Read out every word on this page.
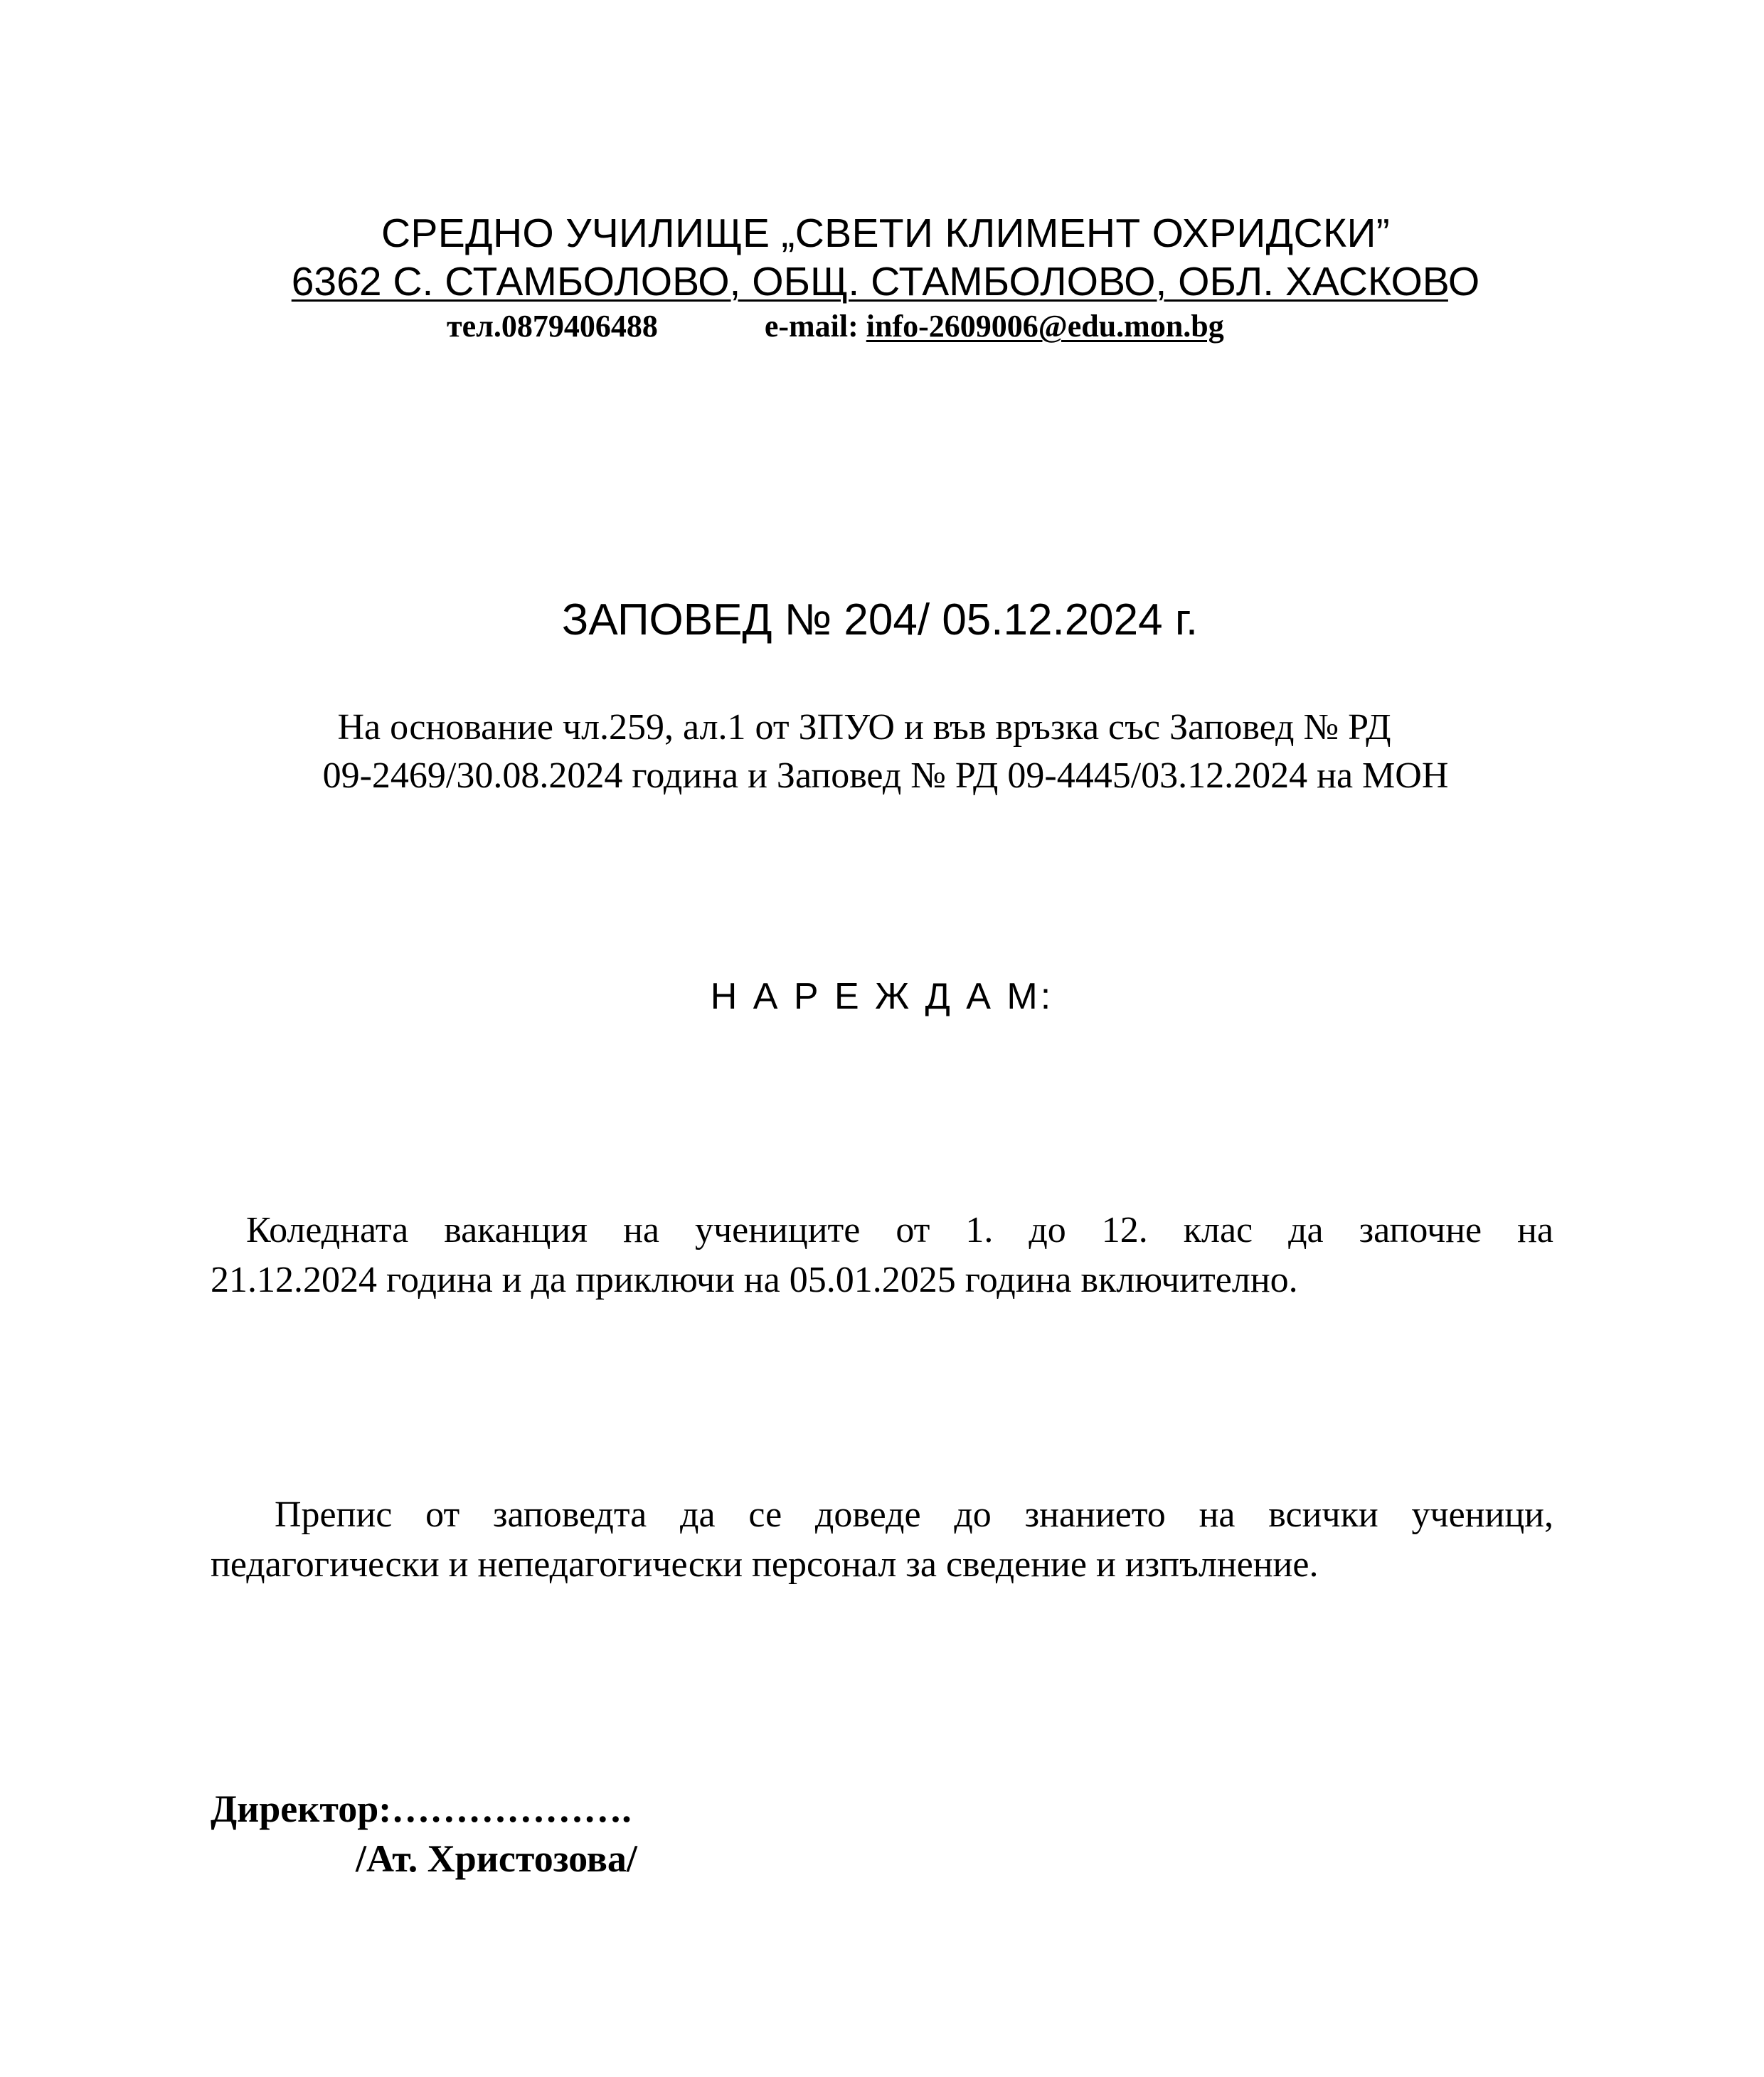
СРЕДНО УЧИЛИЩЕ „СВЕТИ КЛИМЕНТ ОХРИДСКИ”

6362 С. СТАМБОЛОВО, ОБЩ. СТАМБОЛОВО, ОБЛ. ХАСКОВО

тел.0879406488	e-mail: info-2609006@edu.mon.bg

ЗАПОВЕД № 204/ 05.12.2024 г.

На основание чл.259, ал.1 от ЗПУО и във връзка със Заповед № РД

09-2469/30.08.2024 година и Заповед № РД 09-4445/03.12.2024 на МОН

Н А Р Е Ж Д А М:

Коледната ваканция на учениците от 1. до 12. клас да започне на
21.12.2024 година и да приключи на 05.01.2025 година включително.
Препис от заповедта да се доведе до знанието на всички ученици,
педагогически и непедагогически персонал за сведение и изпълнение.

Директор:……………….

/Ат. Христозова/
